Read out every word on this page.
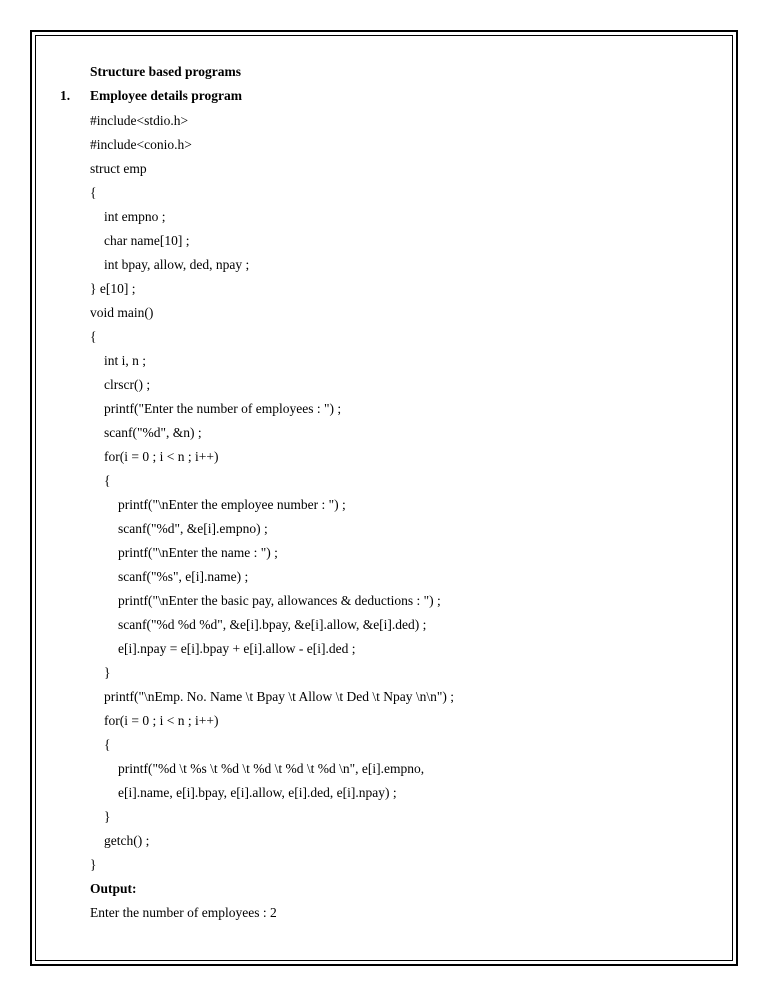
Structure based programs
1. Employee details program
#include<stdio.h>
#include<conio.h>
struct emp
{
int empno ;
char name[10] ;
int bpay, allow, ded, npay ;
} e[10] ;
void main()
{
int i, n ;
clrscr() ;
printf("Enter the number of employees : ") ;
scanf("%d", &n) ;
for(i = 0 ; i < n ; i++)
{
printf("\nEnter the employee number : ") ;
scanf("%d", &e[i].empno) ;
printf("\nEnter the name : ") ;
scanf("%s", e[i].name) ;
printf("\nEnter the basic pay, allowances & deductions : ") ;
scanf("%d %d %d", &e[i].bpay, &e[i].allow, &e[i].ded) ;
e[i].npay = e[i].bpay + e[i].allow - e[i].ded ;
}
printf("\nEmp. No. Name \t Bpay \t Allow \t Ded \t Npay \n\n") ;
for(i = 0 ; i < n ; i++)
{
printf("%d \t %s \t %d \t %d \t %d \t %d \n", e[i].empno,
e[i].name, e[i].bpay, e[i].allow, e[i].ded, e[i].npay) ;
}
getch() ;
}
Output:
Enter the number of employees : 2
